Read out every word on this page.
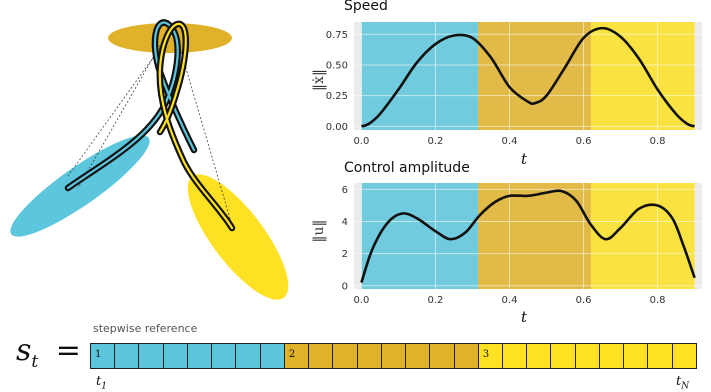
Speed
0.0	0.2	0.4	0.6	0.8
0.00
0.25
0.50
0.75
‖ẋ‖
t
Control amplitude
0.0	0.2	0.4	0.6	0.8
0
2
4
6
‖u‖
t
$s_t$ =
stepwise reference
1	2	3
$t_1$	$t_N$
